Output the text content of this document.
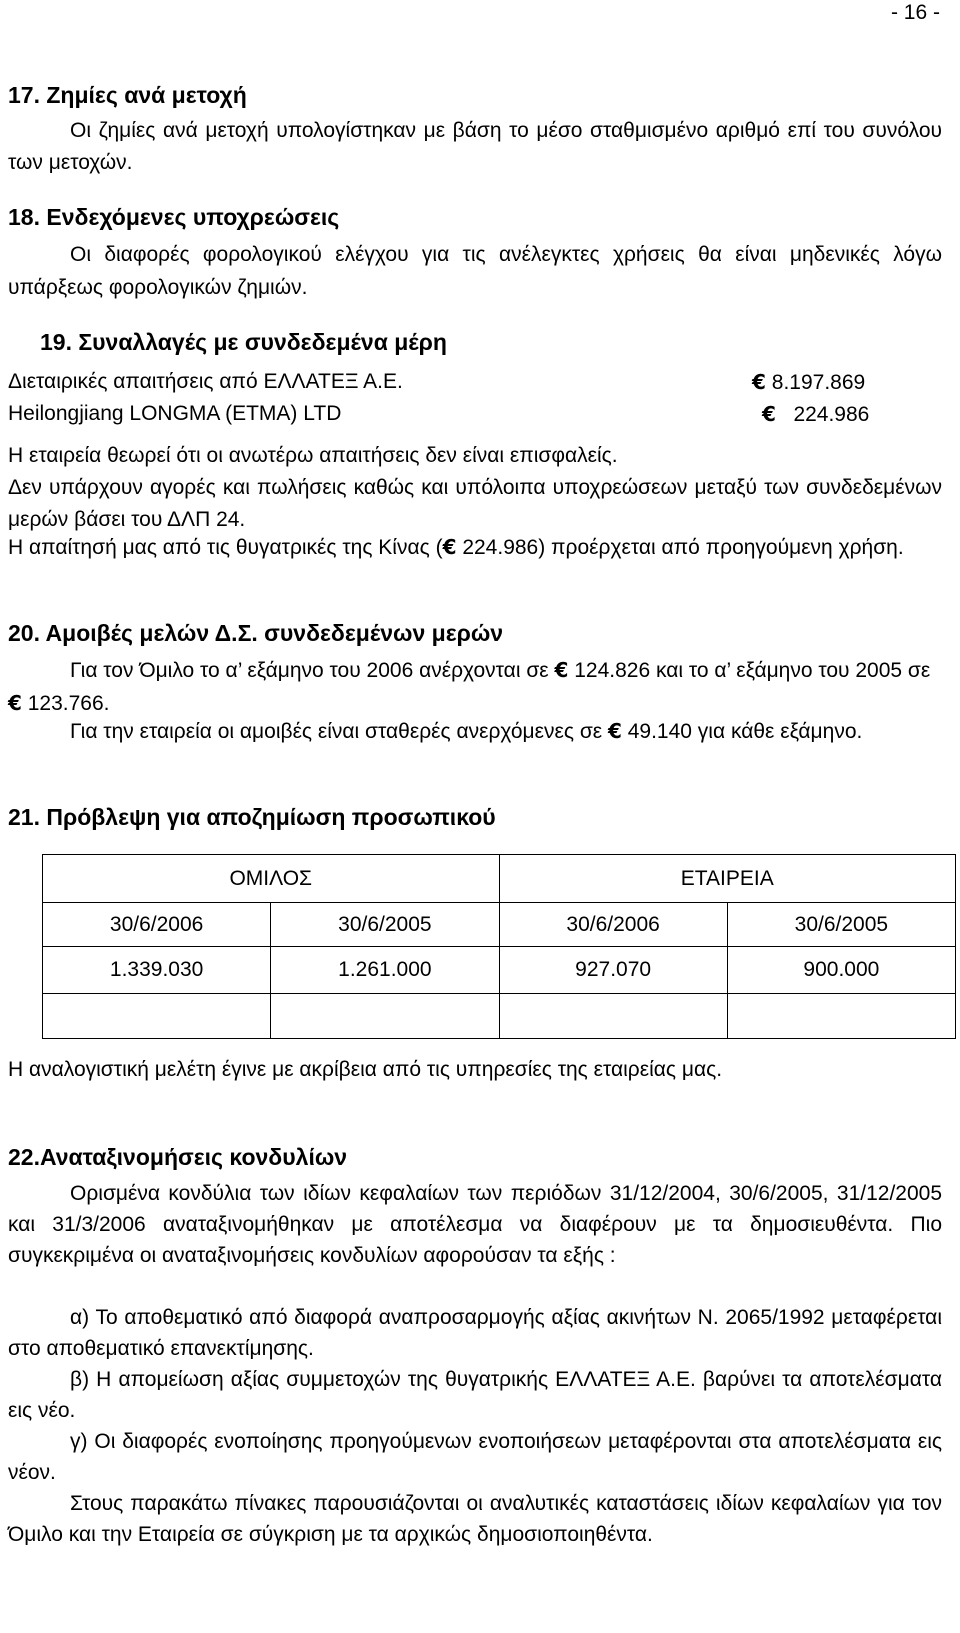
- 16 -
17. Ζημίες ανά μετοχή
Οι ζημίες ανά μετοχή υπολογίστηκαν με βάση το μέσο σταθμισμένο αριθμό επί του συνόλου των μετοχών.
18. Ενδεχόμενες υποχρεώσεις
Οι διαφορές φορολογικού ελέγχου για τις ανέλεγκτες χρήσεις θα είναι μηδενικές λόγω υπάρξεως φορολογικών ζημιών.
19. Συναλλαγές με συνδεδεμένα μέρη
Διεταιρικές απαιτήσεις από ΕΛΛΑΤΕΞ Α.Ε.	€ 8.197.869
Heilongjiang LONGMA (ETMA) LTD	€ 224.986
Η εταιρεία θεωρεί ότι οι ανωτέρω απαιτήσεις δεν είναι επισφαλείς.
Δεν υπάρχουν αγορές και πωλήσεις καθώς και υπόλοιπα υποχρεώσεων μεταξύ των συνδεδεμένων μερών βάσει του ΔΛΠ 24.
Η απαίτησή μας από τις θυγατρικές της Κίνας (€ 224.986) προέρχεται από προηγούμενη χρήση.
20. Αμοιβές μελών Δ.Σ. συνδεδεμένων μερών
Για τον Όμιλο το α’ εξάμηνο του 2006 ανέρχονται σε € 124.826 και το α’ εξάμηνο του 2005 σε € 123.766.
Για την εταιρεία οι αμοιβές είναι σταθερές ανερχόμενες σε € 49.140 για κάθε εξάμηνο.
21. Πρόβλεψη για αποζημίωση προσωπικού
ΟΜΙΛΟΣ		ΕΤΑΙΡΕΙΑ	
30/6/2006	30/6/2005	30/6/2006	30/6/2005
1.339.030	1.261.000	927.070	900.000

Η αναλογιστική μελέτη έγινε με ακρίβεια από τις υπηρεσίες της εταιρείας μας.
22.Αναταξινομήσεις κονδυλίων
Ορισμένα κονδύλια των ιδίων κεφαλαίων των περιόδων 31/12/2004, 30/6/2005, 31/12/2005 και 31/3/2006 αναταξινομήθηκαν με αποτέλεσμα να διαφέρουν με τα δημοσιευθέντα. Πιο συγκεκριμένα οι αναταξινομήσεις κονδυλίων αφορούσαν τα εξής :
α) Το αποθεματικό από διαφορά αναπροσαρμογής αξίας ακινήτων Ν. 2065/1992 μεταφέρεται στο αποθεματικό επανεκτίμησης.
β) Η απομείωση αξίας συμμετοχών της θυγατρικής ΕΛΛΑΤΕΞ Α.Ε. βαρύνει τα αποτελέσματα εις νέο.
γ) Οι διαφορές ενοποίησης προηγούμενων ενοποιήσεων μεταφέρονται στα αποτελέσματα εις νέον.
Στους παρακάτω πίνακες παρουσιάζονται οι αναλυτικές καταστάσεις ιδίων κεφαλαίων για τον Όμιλο και την Εταιρεία σε σύγκριση με τα αρχικώς δημοσιοποιηθέντα.
